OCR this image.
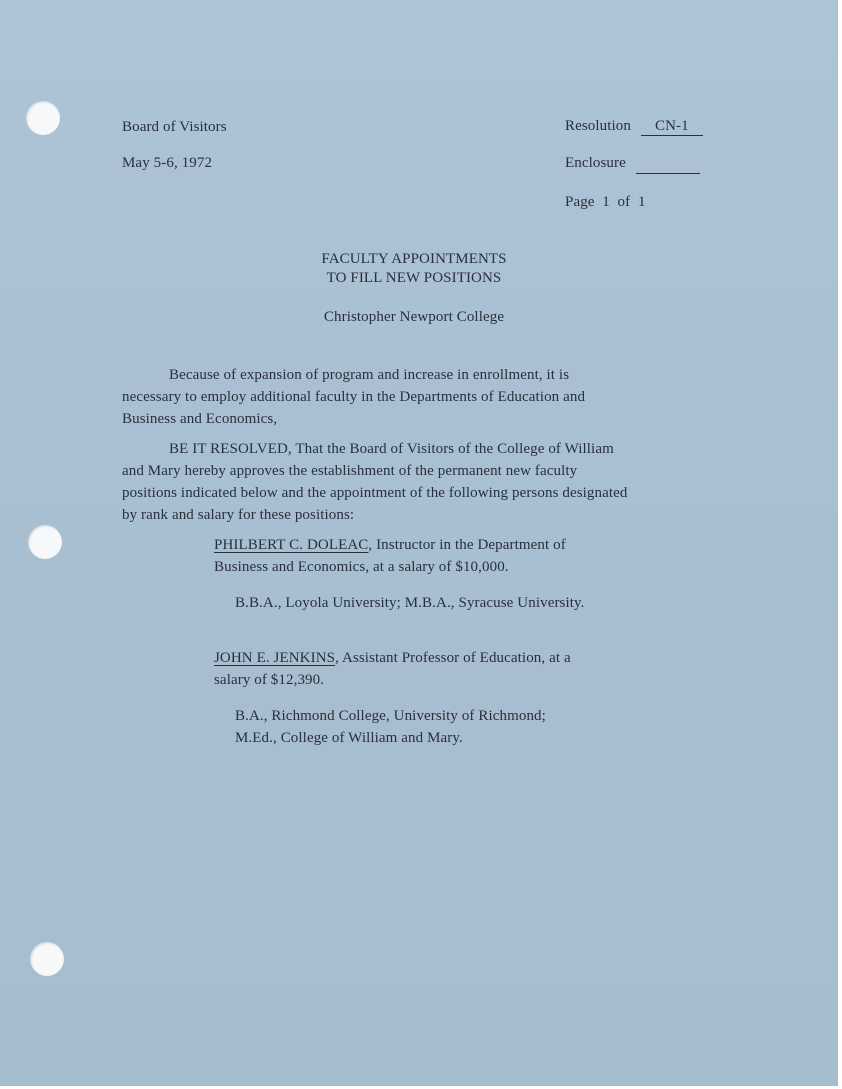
Board of Visitors
May 5-6, 1972
Resolution CN-1
Enclosure
Page  1  of  1
FACULTY APPOINTMENTS
TO FILL NEW POSITIONS
Christopher Newport College
Because of expansion of program and increase in enrollment, it is
necessary to employ additional faculty in the Departments of Education and
Business and Economics,
BE IT RESOLVED, That the Board of Visitors of the College of William
and Mary hereby approves the establishment of the permanent new faculty
positions indicated below and the appointment of the following persons designated
by rank and salary for these positions:
PHILBERT C. DOLEAC, Instructor in the Department of
Business and Economics, at a salary of $10,000.
B.B.A., Loyola University; M.B.A., Syracuse University.
JOHN E. JENKINS, Assistant Professor of Education, at a
salary of $12,390.
B.A., Richmond College, University of Richmond;
M.Ed., College of William and Mary.
